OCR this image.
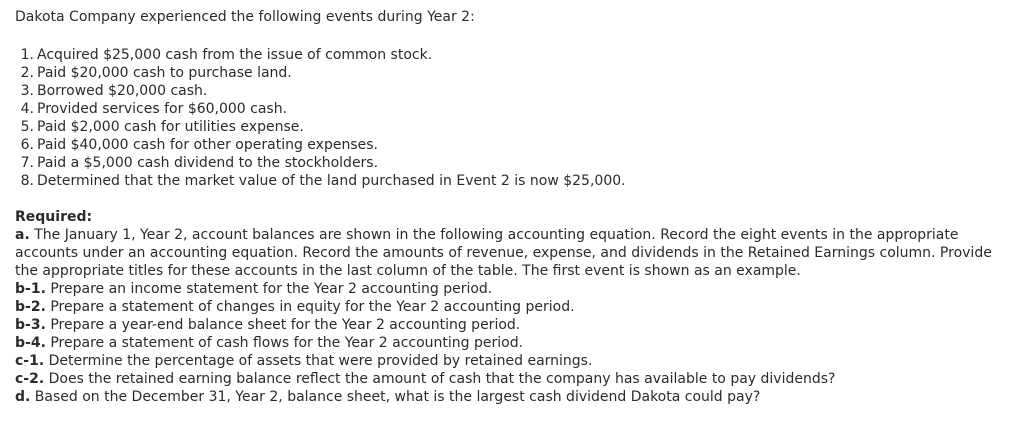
Dakota Company experienced the following events during Year 2:

1. Acquired $25,000 cash from the issue of common stock.
2. Paid $20,000 cash to purchase land.
3. Borrowed $20,000 cash.
4. Provided services for $60,000 cash.
5. Paid $2,000 cash for utilities expense.
6. Paid $40,000 cash for other operating expenses.
7. Paid a $5,000 cash dividend to the stockholders.
8. Determined that the market value of the land purchased in Event 2 is now $25,000.
Required:

a. The January 1, Year 2, account balances are shown in the following accounting equation. Record the eight events in the appropriate accounts under an accounting equation. Record the amounts of revenue, expense, and dividends in the Retained Earnings column. Provide the appropriate titles for these accounts in the last column of the table. The first event is shown as an example.

b-1. Prepare an income statement for the Year 2 accounting period.

b-2. Prepare a statement of changes in equity for the Year 2 accounting period.

b-3. Prepare a year-end balance sheet for the Year 2 accounting period.

b-4. Prepare a statement of cash flows for the Year 2 accounting period.

c-1. Determine the percentage of assets that were provided by retained earnings.

c-2. Does the retained earning balance reflect the amount of cash that the company has available to pay dividends?

d. Based on the December 31, Year 2, balance sheet, what is the largest cash dividend Dakota could pay?
